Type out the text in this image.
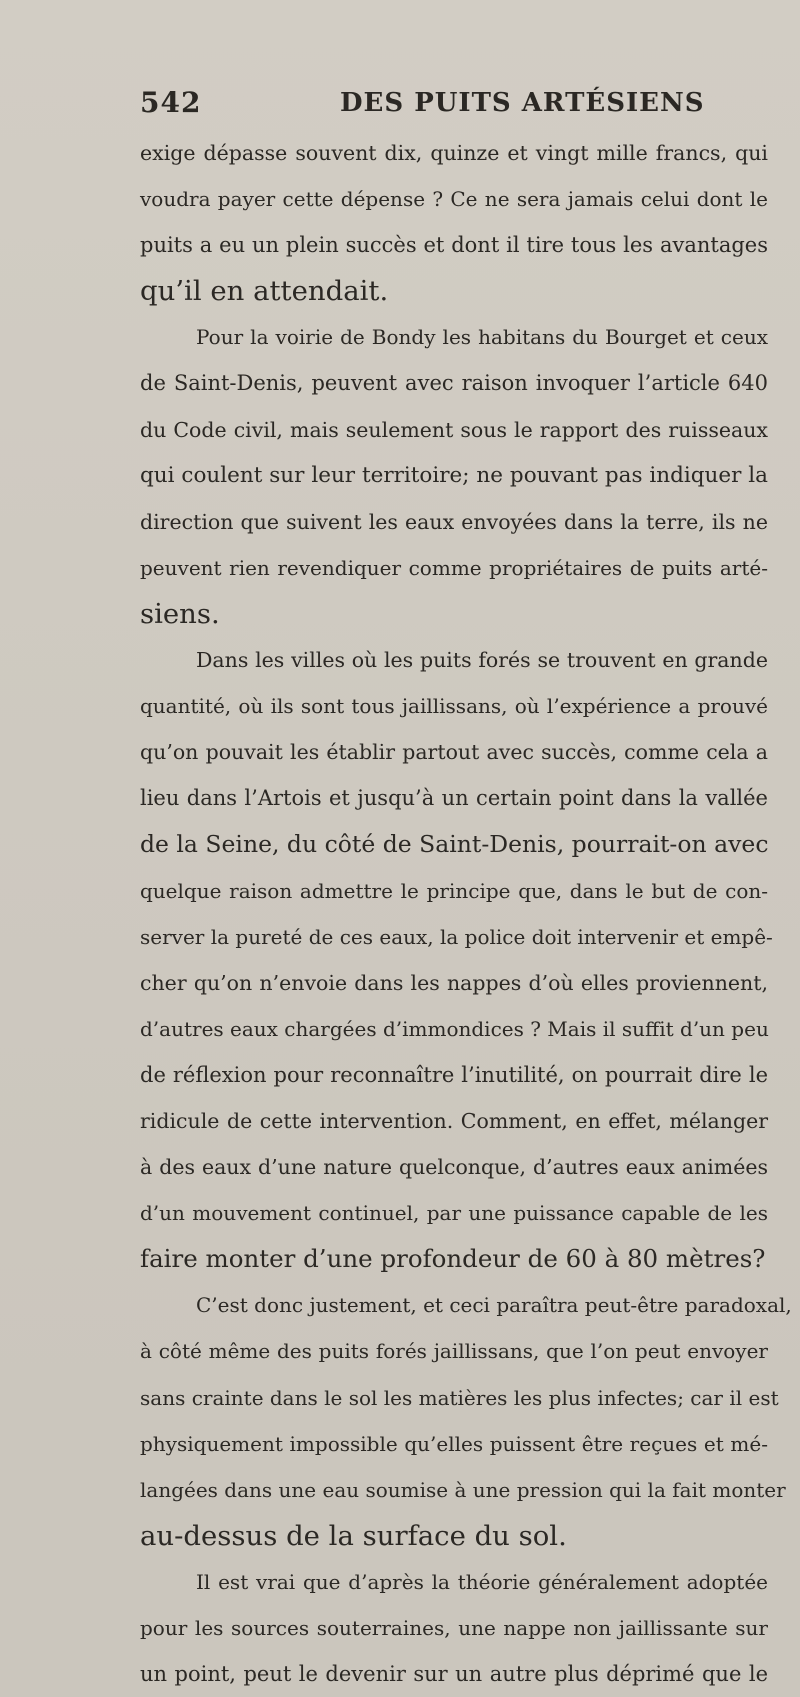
542	DES PUITS ARTÉSIENS
exige dépasse souvent dix, quinze et vingt mille francs, qui
voudra payer cette dépense ? Ce ne sera jamais celui dont le
puits a eu un plein succès et dont il tire tous les avantages
qu’il en attendait.
Pour la voirie de Bondy les habitans du Bourget et ceux
de Saint-Denis, peuvent avec raison invoquer l’article 640
du Code civil, mais seulement sous le rapport des ruisseaux
qui coulent sur leur territoire; ne pouvant pas indiquer la
direction que suivent les eaux envoyées dans la terre, ils ne
peuvent rien revendiquer comme propriétaires de puits arté-
siens.
Dans les villes où les puits forés se trouvent en grande
quantité, où ils sont tous jaillissans, où l’expérience a prouvé
qu’on pouvait les établir partout avec succès, comme cela a
lieu dans l’Artois et jusqu’à un certain point dans la vallée
de la Seine, du côté de Saint-Denis, pourrait-on avec
quelque raison admettre le principe que, dans le but de con-
server la pureté de ces eaux, la police doit intervenir et empê-
cher qu’on n’envoie dans les nappes d’où elles proviennent,
d’autres eaux chargées d’immondices ? Mais il suffit d’un peu
de réflexion pour reconnaître l’inutilité, on pourrait dire le
ridicule de cette intervention. Comment, en effet, mélanger
à des eaux d’une nature quelconque, d’autres eaux animées
d’un mouvement continuel, par une puissance capable de les
faire monter d’une profondeur de 60 à 80 mètres?
C’est donc justement, et ceci paraîtra peut-être paradoxal,
à côté même des puits forés jaillissans, que l’on peut envoyer
sans crainte dans le sol les matières les plus infectes; car il est
physiquement impossible qu’elles puissent être reçues et mé-
langées dans une eau soumise à une pression qui la fait monter
au-dessus de la surface du sol.
Il est vrai que d’après la théorie généralement adoptée
pour les sources souterraines, une nappe non jaillissante sur
un point, peut le devenir sur un autre plus déprimé que le
